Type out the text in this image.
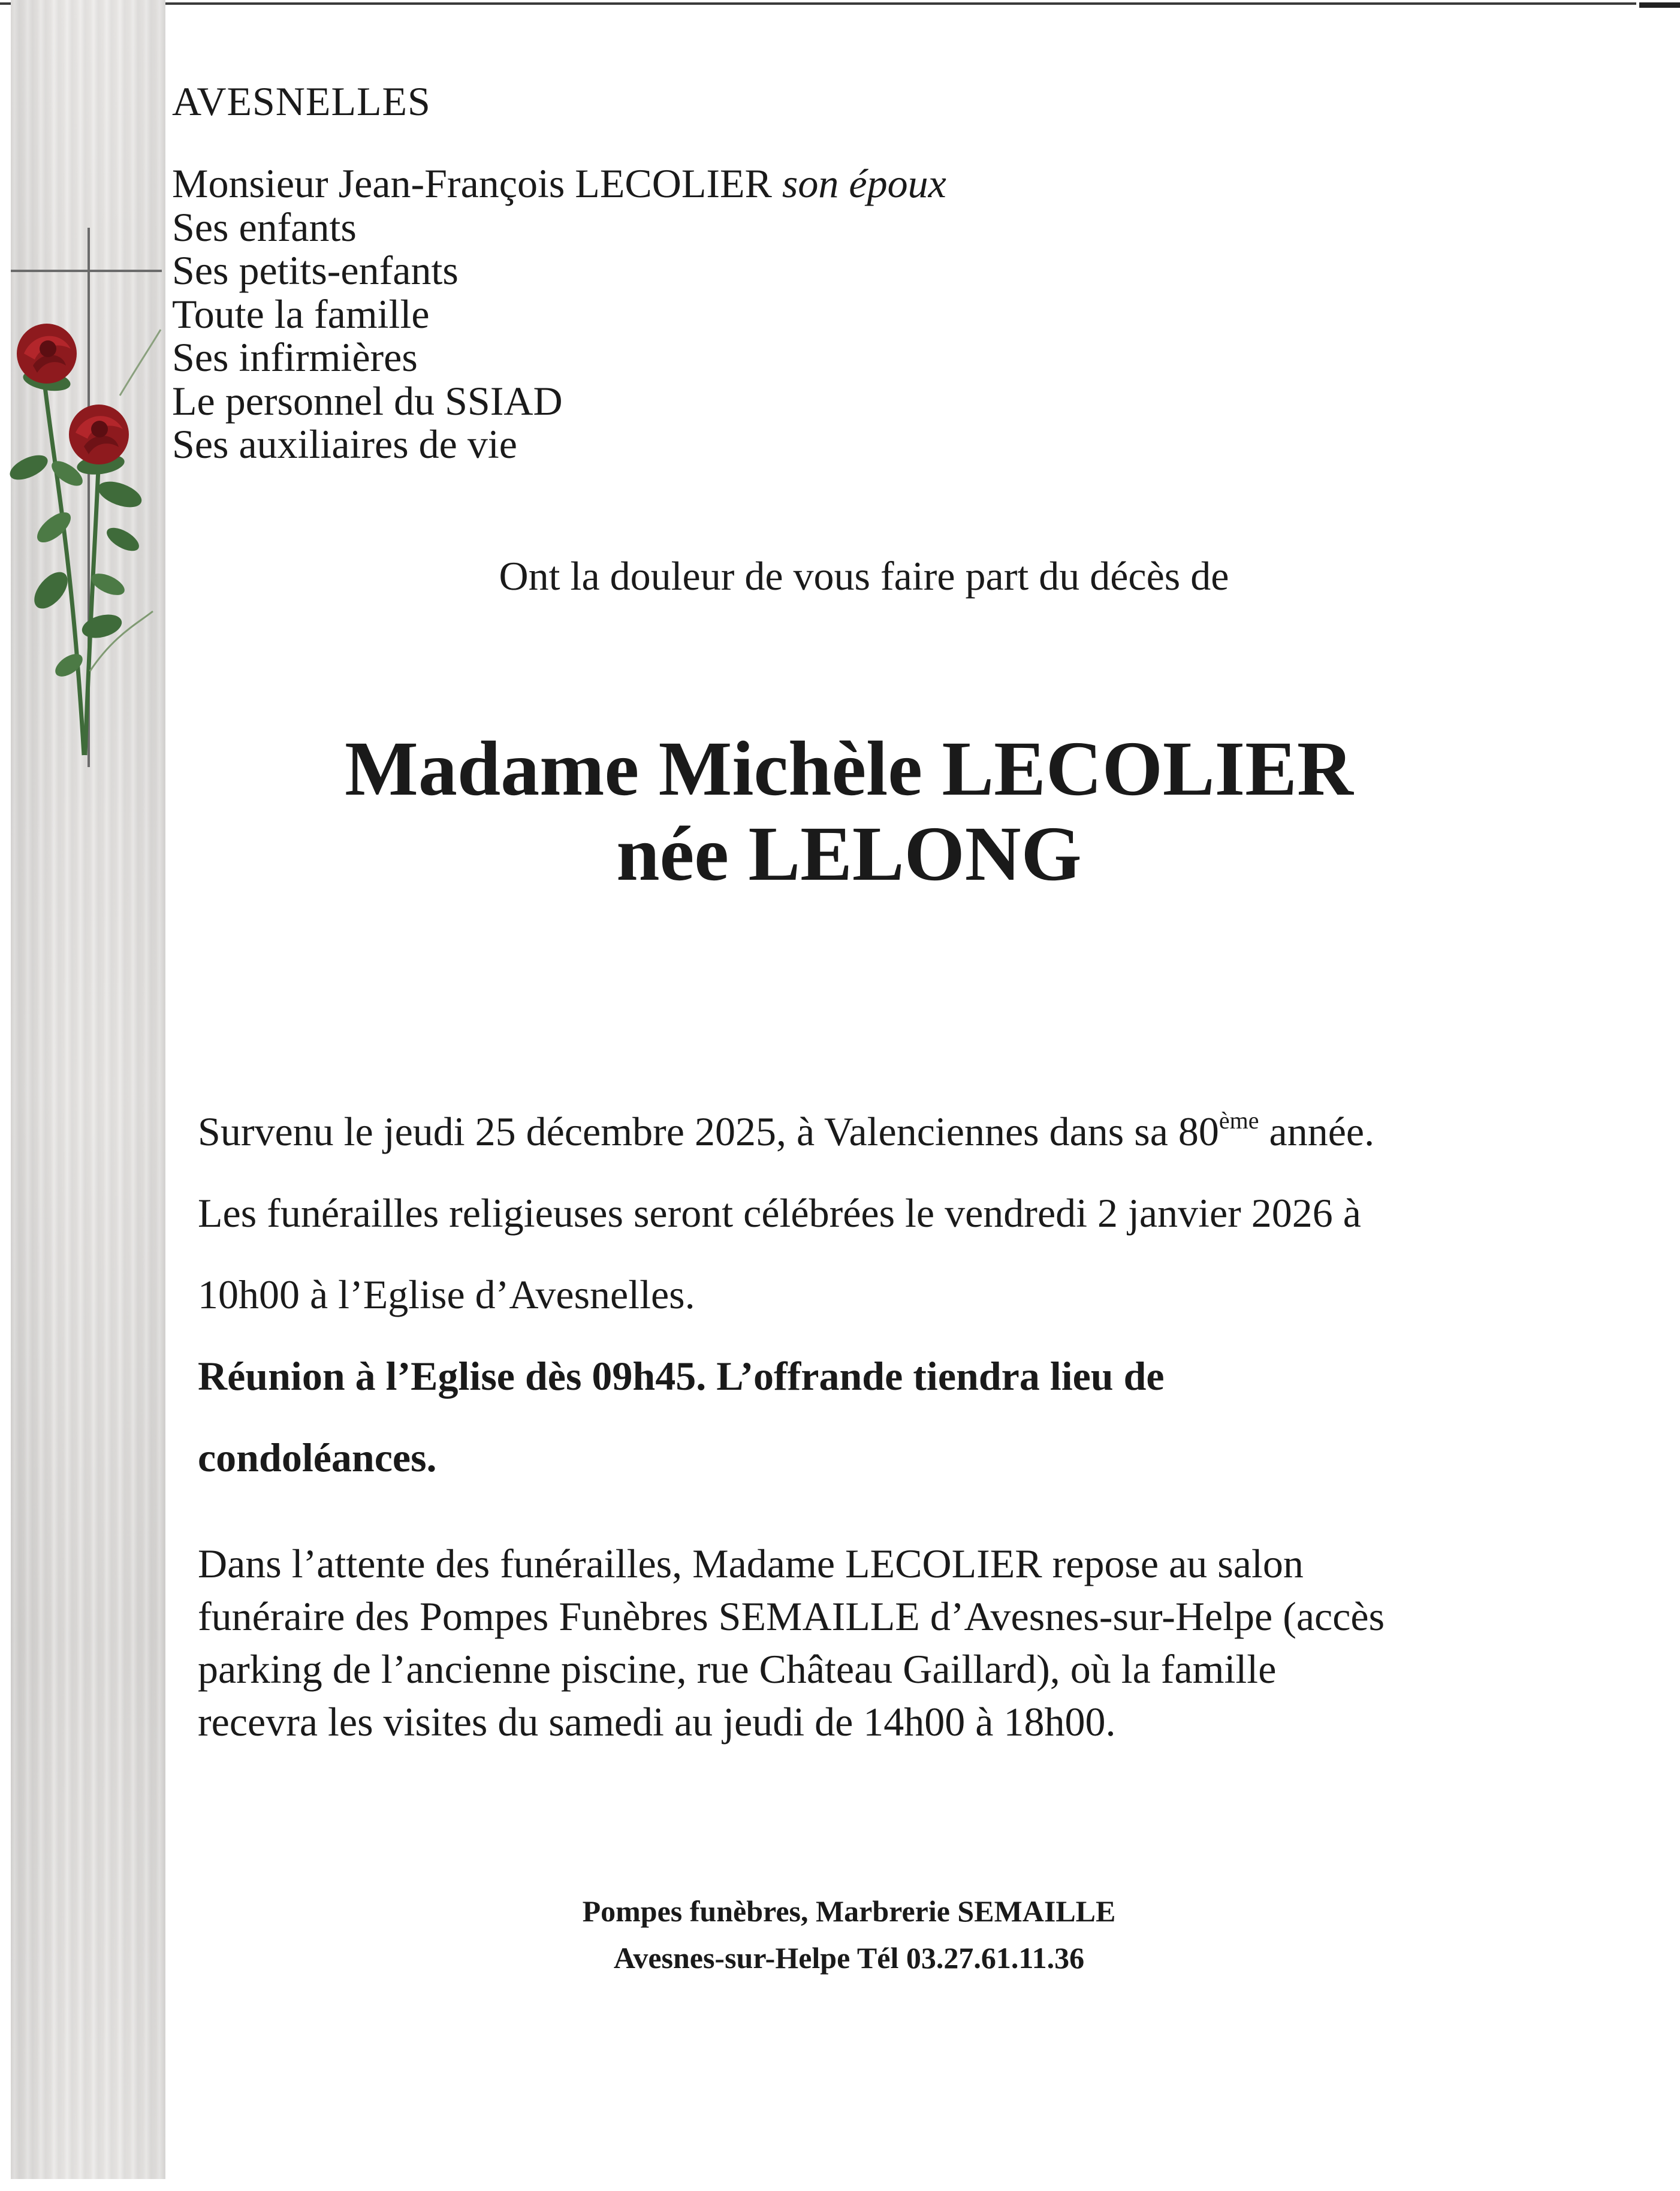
AVESNELLES
Monsieur Jean-François LECOLIER son époux
Ses enfants
Ses petits-enfants
Toute la famille
Ses infirmières
Le personnel du SSIAD
Ses auxiliaires de vie
Ont la douleur de vous faire part du décès de
Madame Michèle LECOLIER
née LELONG

Survenu le jeudi 25 décembre 2025, à Valenciennes dans sa 80ème année.

Les funérailles religieuses seront célébrées le vendredi 2 janvier 2026 à

10h00 à l’Eglise d’Avesnelles.

Réunion à l’Eglise dès 09h45. L’offrande tiendra lieu de

condoléances.

Dans l’attente des funérailles, Madame LECOLIER repose au salon
funéraire des Pompes Funèbres SEMAILLE d’Avesnes-sur-Helpe (accès
parking de l’ancienne piscine, rue Château Gaillard), où la famille
recevra les visites du samedi au jeudi de 14h00 à 18h00.
Pompes funèbres, Marbrerie SEMAILLE
Avesnes-sur-Helpe Tél 03.27.61.11.36
